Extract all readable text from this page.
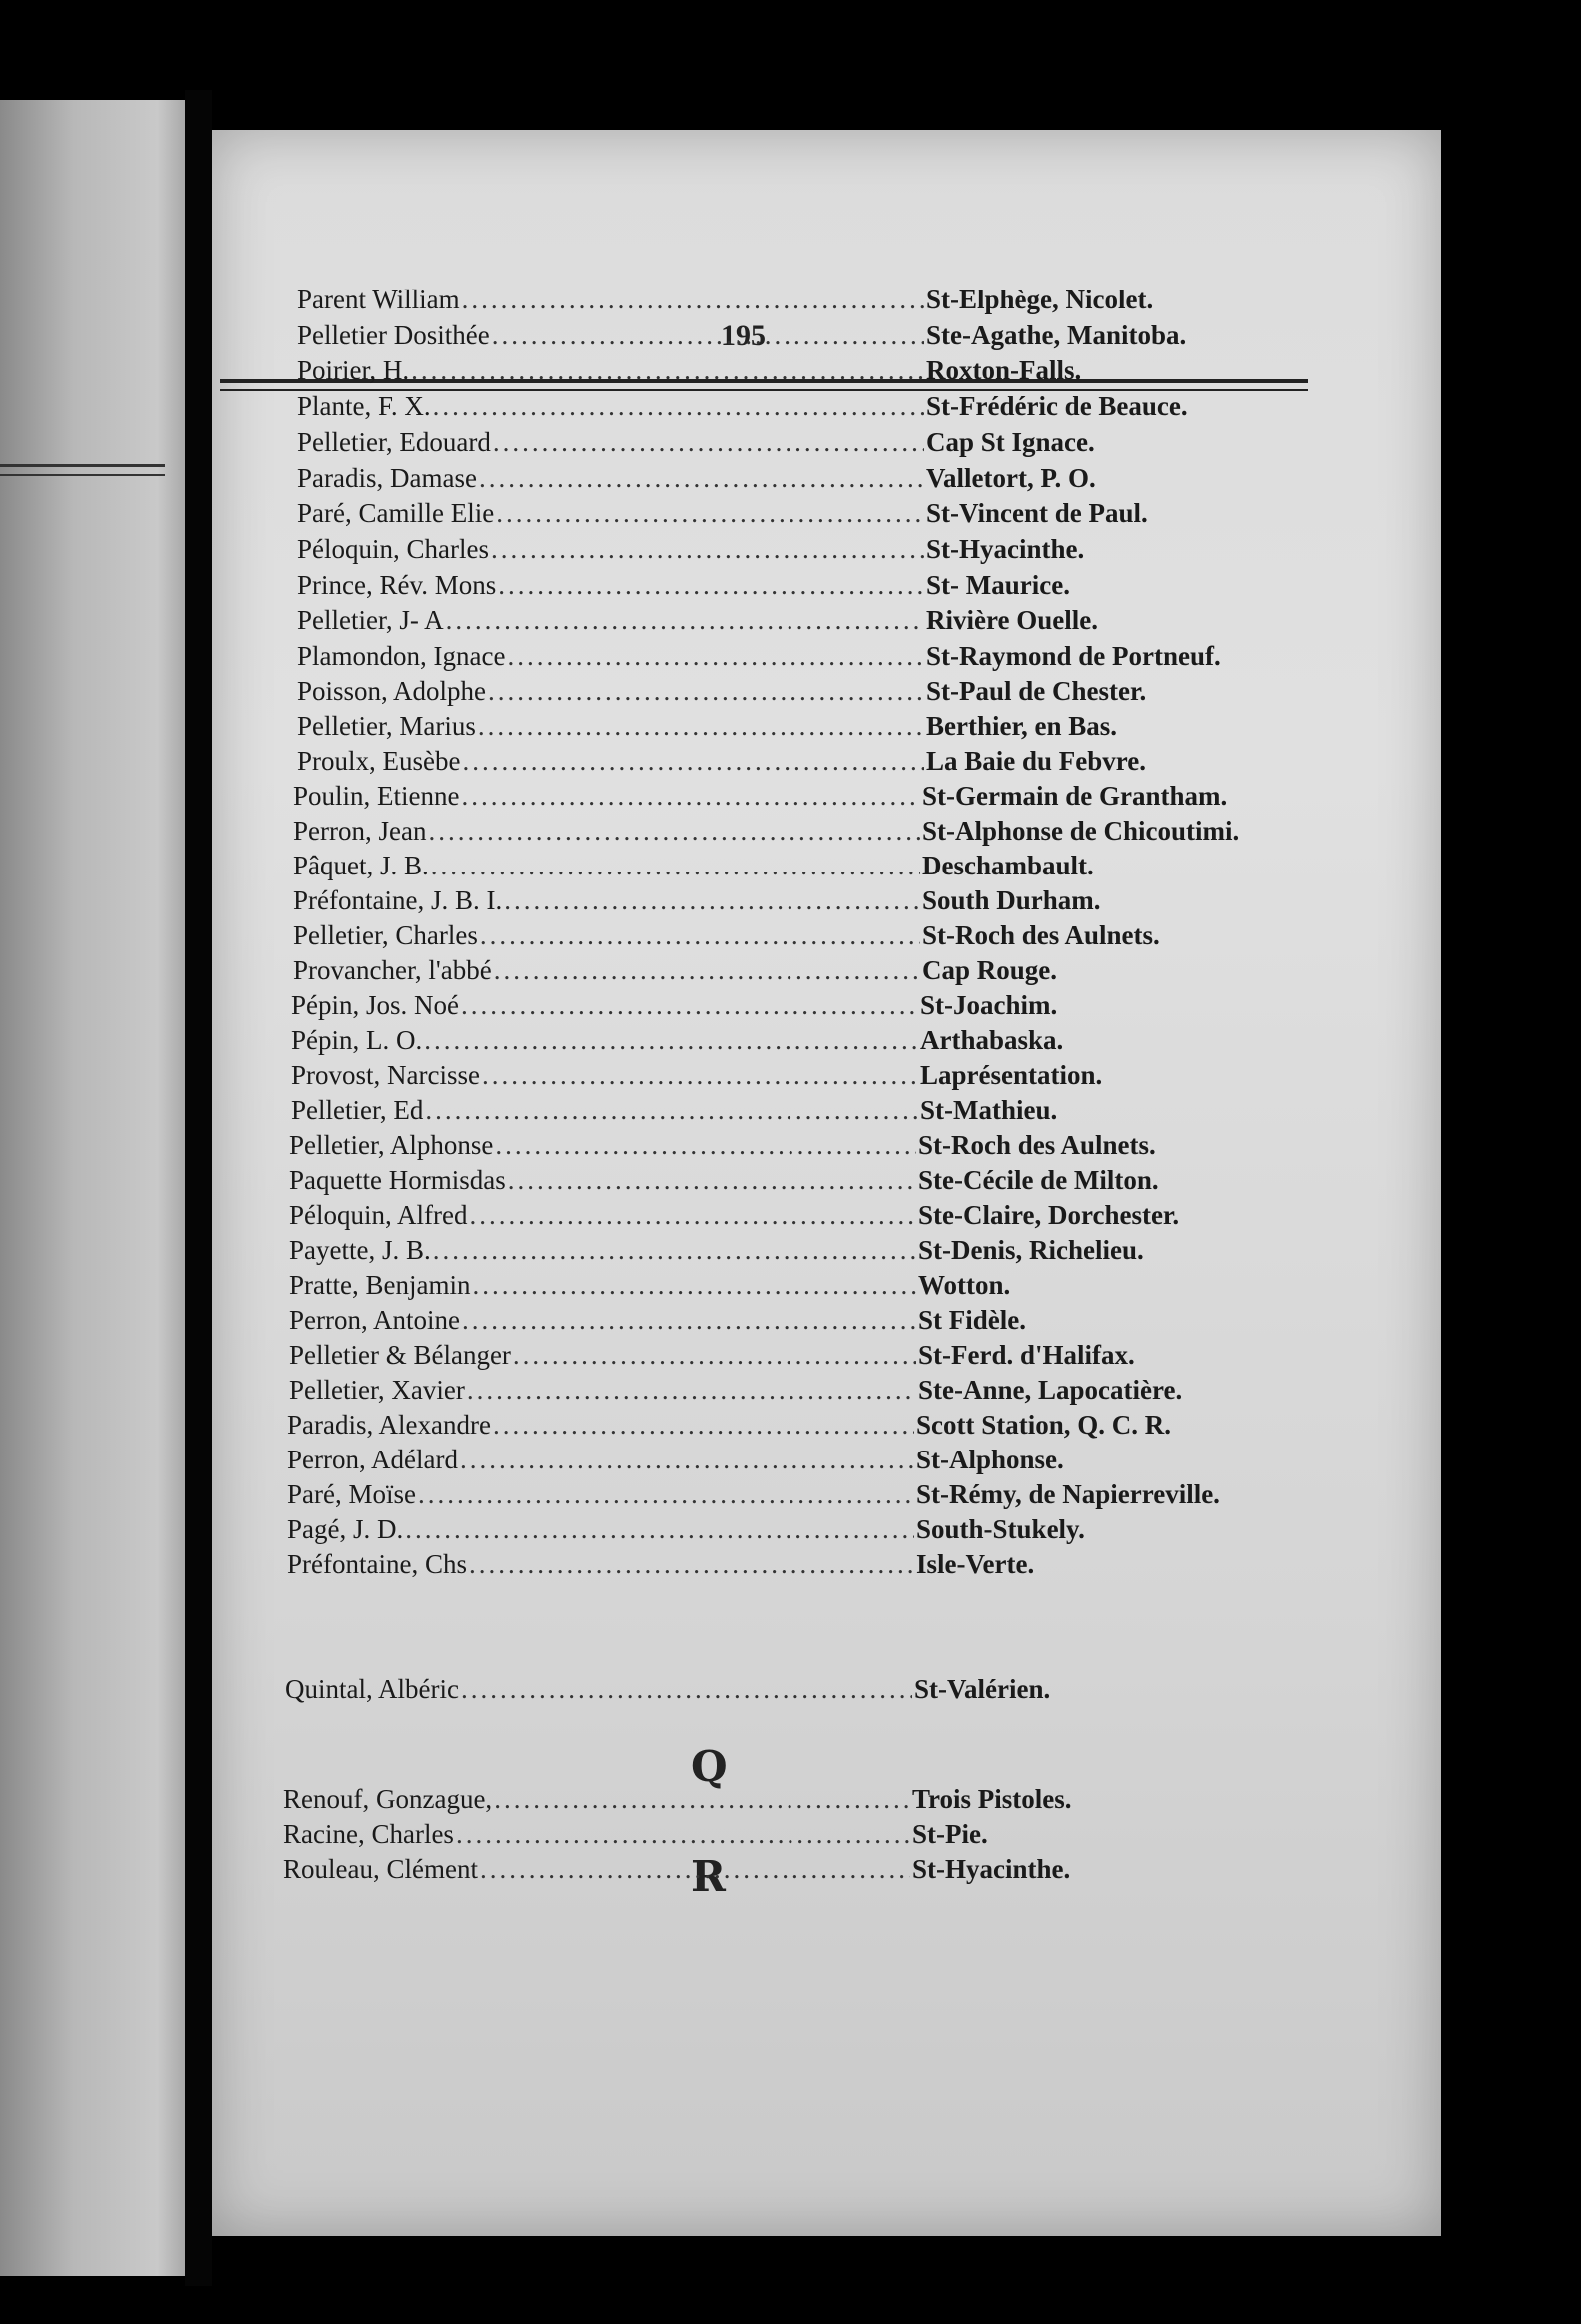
195
Q
R
Parent William .....	St-Elphège, Nicolet.
Pelletier Dosithée .....	Ste-Agathe, Manitoba.
Poirier, H. .....	Roxton-Falls.
Plante, F. X. .....	St-Frédéric de Beauce.
Pelletier, Edouard .....	Cap St Ignace.
Paradis, Damase .....	Valletort, P. O.
Paré, Camille Elie .....	St-Vincent de Paul.
Péloquin, Charles .....	St-Hyacinthe.
Prince, Rév. Mons .....	St- Maurice.
Pelletier, J- A .....	Rivière Ouelle.
Plamondon, Ignace .....	St-Raymond de Portneuf.
Poisson, Adolphe .....	St-Paul de Chester.
Pelletier, Marius .....	Berthier, en Bas.
Proulx, Eusèbe .....	La Baie du Febvre.
Poulin, Etienne .....	St-Germain de Grantham.
Perron, Jean .....	St-Alphonse de Chicoutimi.
Pâquet, J. B. .....	Deschambault.
Préfontaine, J. B. I. .....	South Durham.
Pelletier, Charles .....	St-Roch des Aulnets.
Provancher, l'abbé .....	Cap Rouge.
Pépin, Jos. Noé .....	St-Joachim.
Pépin, L. O. .....	Arthabaska.
Provost, Narcisse .....	Laprésentation.
Pelletier, Ed .....	St-Mathieu.
Pelletier, Alphonse .....	St-Roch des Aulnets.
Paquette Hormisdas .....	Ste-Cécile de Milton.
Péloquin, Alfred .....	Ste-Claire, Dorchester.
Payette, J. B. .....	St-Denis, Richelieu.
Pratte, Benjamin .....	Wotton.
Perron, Antoine .....	St Fidèle.
Pelletier & Bélanger .....	St-Ferd. d'Halifax.
Pelletier, Xavier .....	Ste-Anne, Lapocatière.
Paradis, Alexandre .....	Scott Station, Q. C. R.
Perron, Adélard .....	St-Alphonse.
Paré, Moïse .....	St-Rémy, de Napierreville.
Pagé, J. D. .....	South-Stukely.
Préfontaine, Chs .....	Isle-Verte.
Quintal, Albéric .....	St-Valérien.
Renouf, Gonzague, .....	Trois Pistoles.
Racine, Charles .....	St-Pie.
Rouleau, Clément .....	St-Hyacinthe.
